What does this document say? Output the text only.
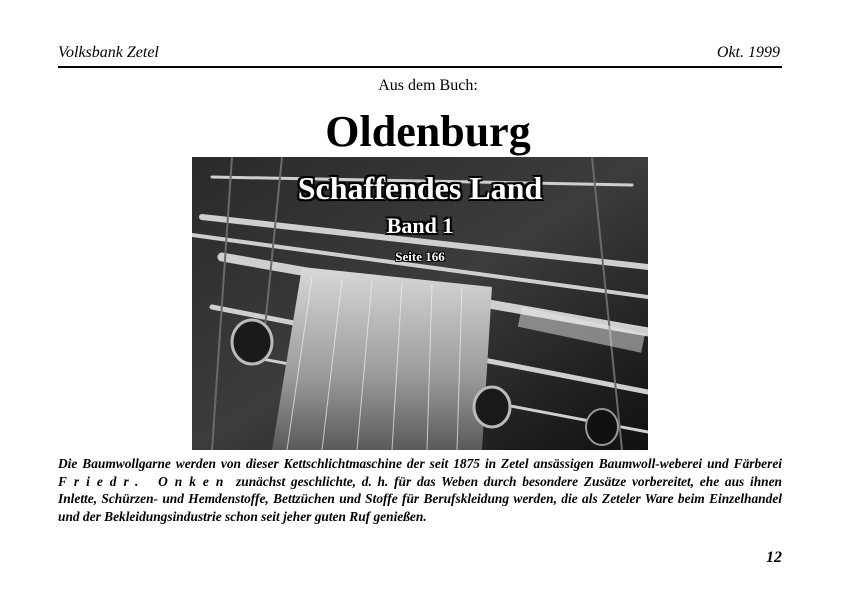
Volksbank Zetel	Okt. 1999
Aus dem Buch:
Oldenburg
Schaffendes Land
Band 1
Seite 166
Die Baumwollgarne werden von dieser Kettschlichtmaschine der seit 1875 in Zetel ansässigen Baumwoll-weberei und Färberei Friedr. Onken zunächst geschlichte, d. h. für das Weben durch besondere Zusätze vorbereitet, ehe aus ihnen Inlette, Schürzen- und Hemdenstoffe, Bettzüchen und Stoffe für Berufskleidung werden, die als Zeteler Ware beim Einzelhandel und der Bekleidungsindustrie schon seit jeher guten Ruf genießen.
12
